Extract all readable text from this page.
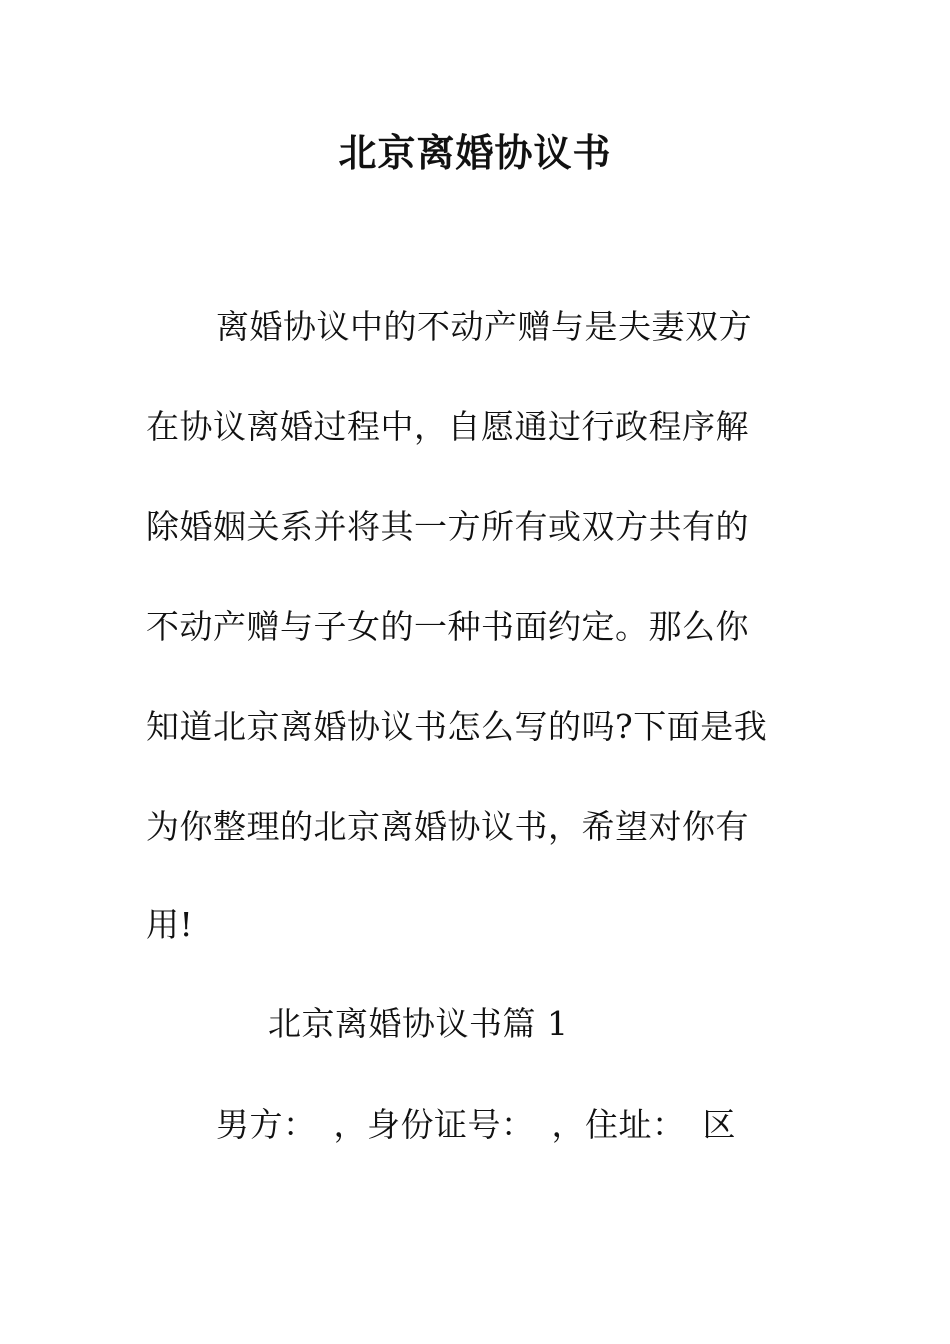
北京离婚协议书
离婚协议中的不动产赠与是夫妻双方
在协议离婚过程中，自愿通过行政程序解
除婚姻关系并将其一方所有或双方共有的
不动产赠与子女的一种书面约定。那么你
知道北京离婚协议书怎么写的吗?下面是我
为你整理的北京离婚协议书，希望对你有
用!
北京离婚协议书篇 1
男方：　，身份证号：　，住址：　区
